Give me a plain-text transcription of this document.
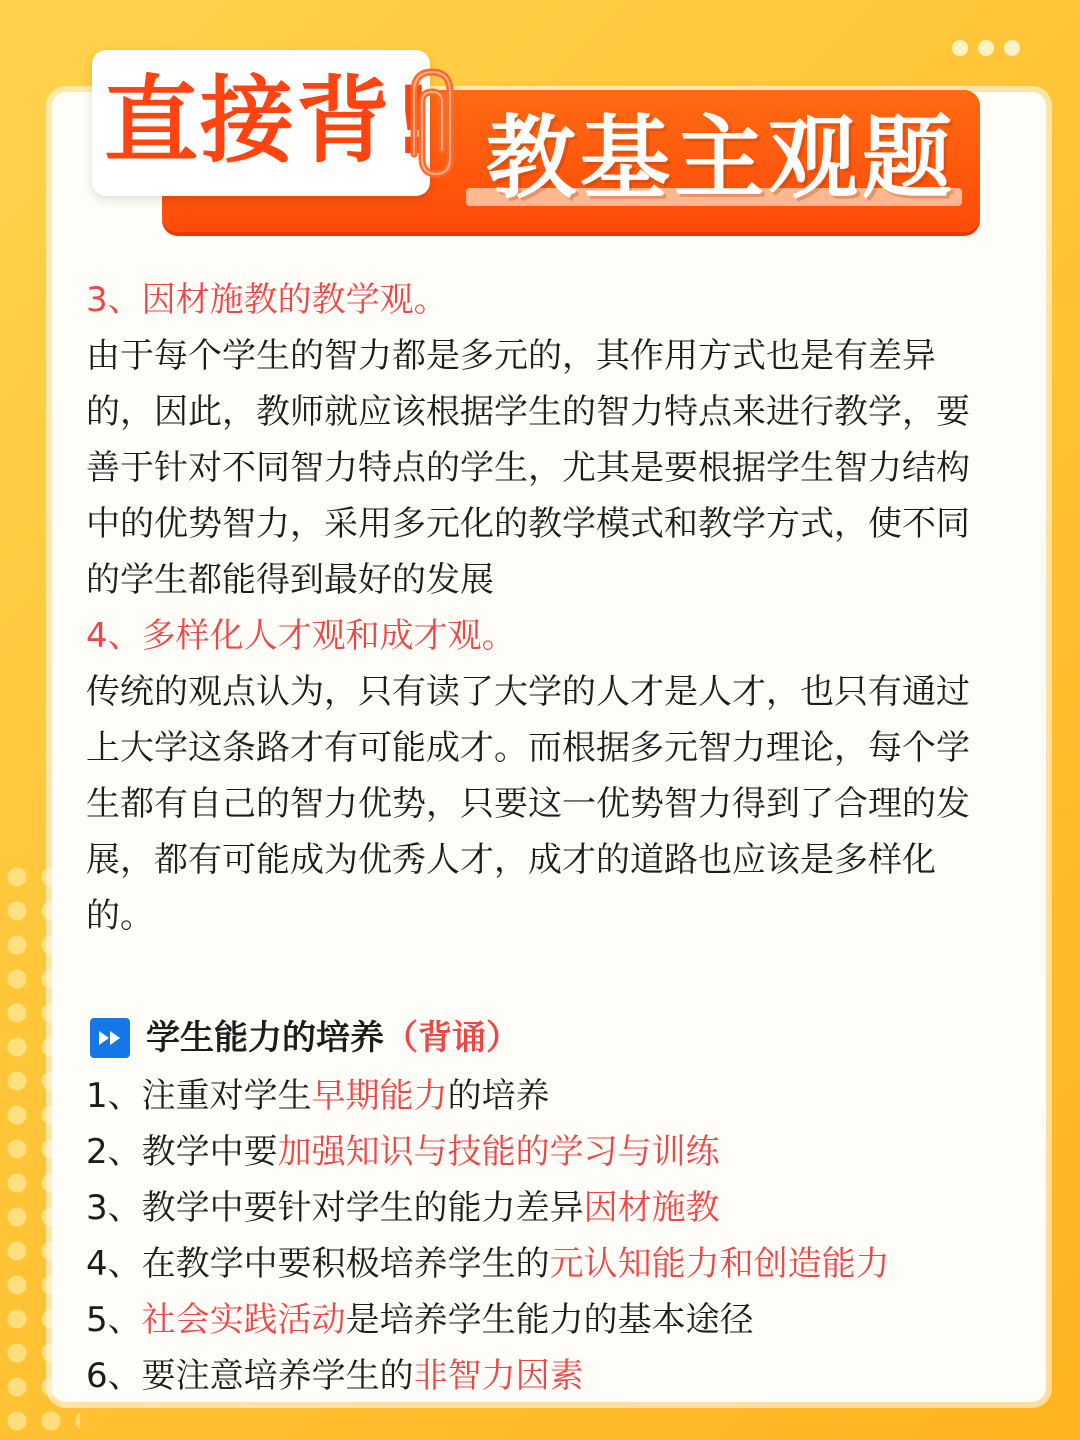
教基主观题
直接背!

3、因材施教的教学观。

由于每个学生的智力都是多元的，其作用方式也是有差异的，因此，教师就应该根据学生的智力特点来进行教学，要善于针对不同智力特点的学生，尤其是要根据学生智力结构中的优势智力，采用多元化的教学模式和教学方式，使不同的学生都能得到最好的发展

4、多样化人才观和成才观。

传统的观点认为，只有读了大学的人才是人才，也只有通过上大学这条路才有可能成才。而根据多元智力理论，每个学生都有自己的智力优势，只要这一优势智力得到了合理的发展，都有可能成为优秀人才，成才的道路也应该是多样化的。

学生能力的培养 （背诵）
1、注重对学生早期能力的培养
2、教学中要加强知识与技能的学习与训练
3、教学中要针对学生的能力差异因材施教
4、在教学中要积极培养学生的元认知能力和创造能力
5、社会实践活动是培养学生能力的基本途径
6、要注意培养学生的非智力因素
